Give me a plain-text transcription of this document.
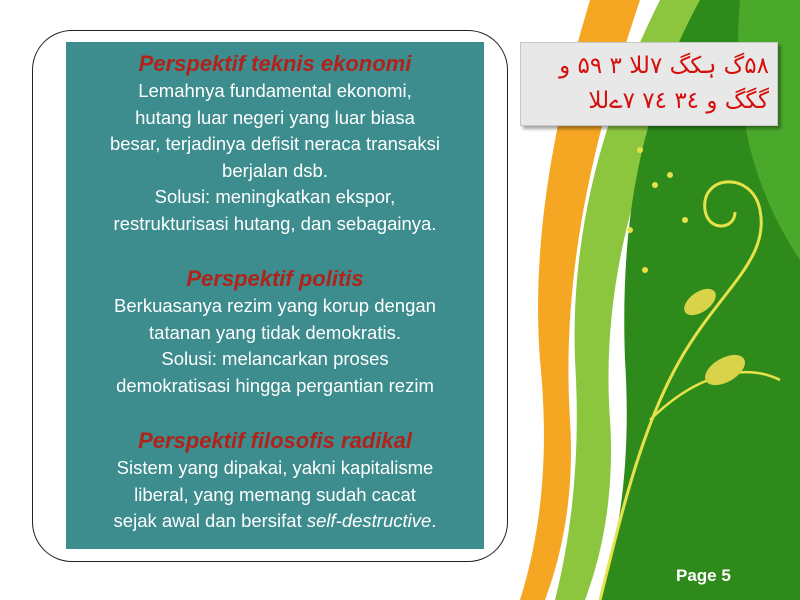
Perspektif teknis ekonomi

Lemahnya fundamental ekonomi,

hutang luar negeri yang luar biasa

besar, terjadinya defisit neraca transaksi

berjalan dsb.

Solusi: meningkatkan ekspor,

restrukturisasi hutang, dan sebagainya.

Perspektif politis

Berkuasanya rezim yang korup dengan

tatanan yang tidak demokratis.

Solusi: melancarkan proses

demokratisasi hingga pergantian rezim

Perspektif filosofis radikal

Sistem yang dipakai, yakni kapitalisme

liberal, yang memang sudah cacat

sejak awal dan bersifat self-destructive.

۵۸گ ہکگ ۷للا ۳ ۵۹ و
گگگ و ۳٤ ۷٤ ۷ےللا
Page 5
